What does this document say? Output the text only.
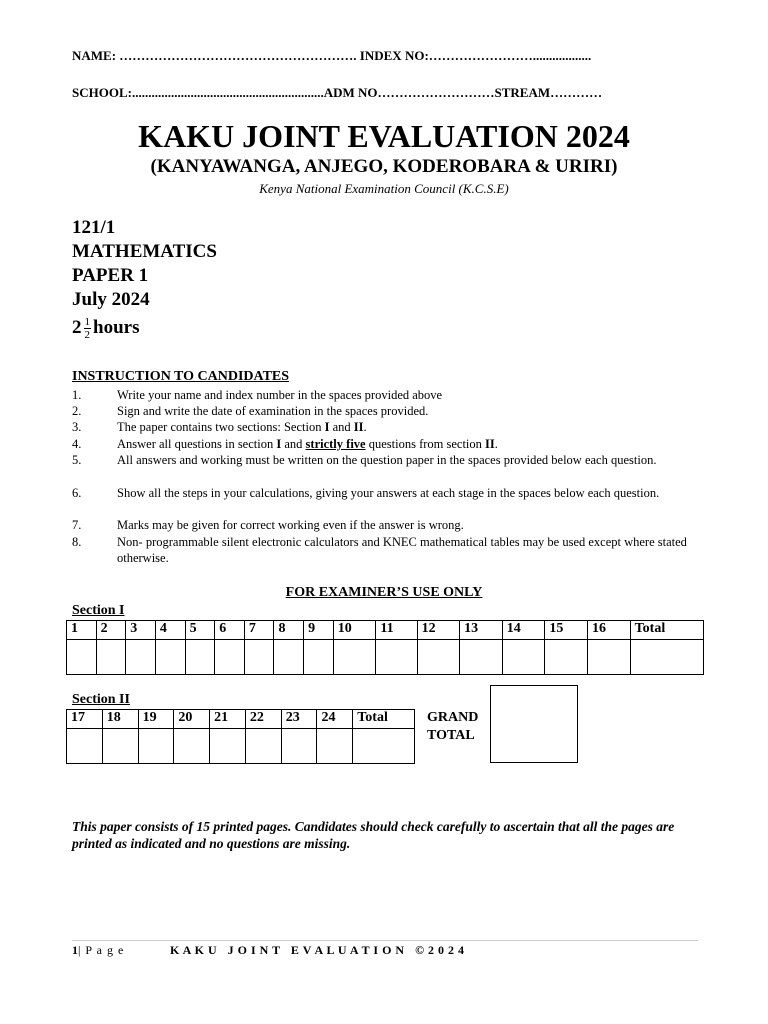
NAME: ………………………………………………. INDEX NO:……………………..................
SCHOOL:...........................................................ADM NO………………………STREAM…………
KAKU JOINT EVALUATION 2024
(KANYAWANGA, ANJEGO, KODEROBARA & URIRI)
Kenya National Examination Council (K.C.S.E)
121/1
MATHEMATICS
PAPER 1
July 2024
$2 \frac{1}{2}$ hours
INSTRUCTION TO CANDIDATES
1.	Write your name and index number in the spaces provided above
2.	Sign and write the date of examination in the spaces provided.
3.	The paper contains two sections: Section I and II.
4.	Answer all questions in section I and strictly five questions from section II.
5.	All answers and working must be written on the question paper in the spaces provided below each question.
6.	Show all the steps in your calculations, giving your answers at each stage in the spaces below each question.
7.	Marks may be given for correct working even if the answer is wrong.
8.	Non- programmable silent electronic calculators and KNEC mathematical tables may be used except where stated otherwise.
FOR EXAMINER’S USE ONLY
Section I
1	2	3	4	5	6	7	8	9	10	11	12	13	14	15	16	Total

Section II
17	18	19	20	21	22	23	24	Total
									GRAND
TOTAL
This paper consists of 15 printed pages. Candidates should check carefully to ascertain that all the pages are printed as indicated and no questions are missing.
1| P a g e	K A K U   J O I N T   E V A L U A T I O N   © 2 0 2 4
